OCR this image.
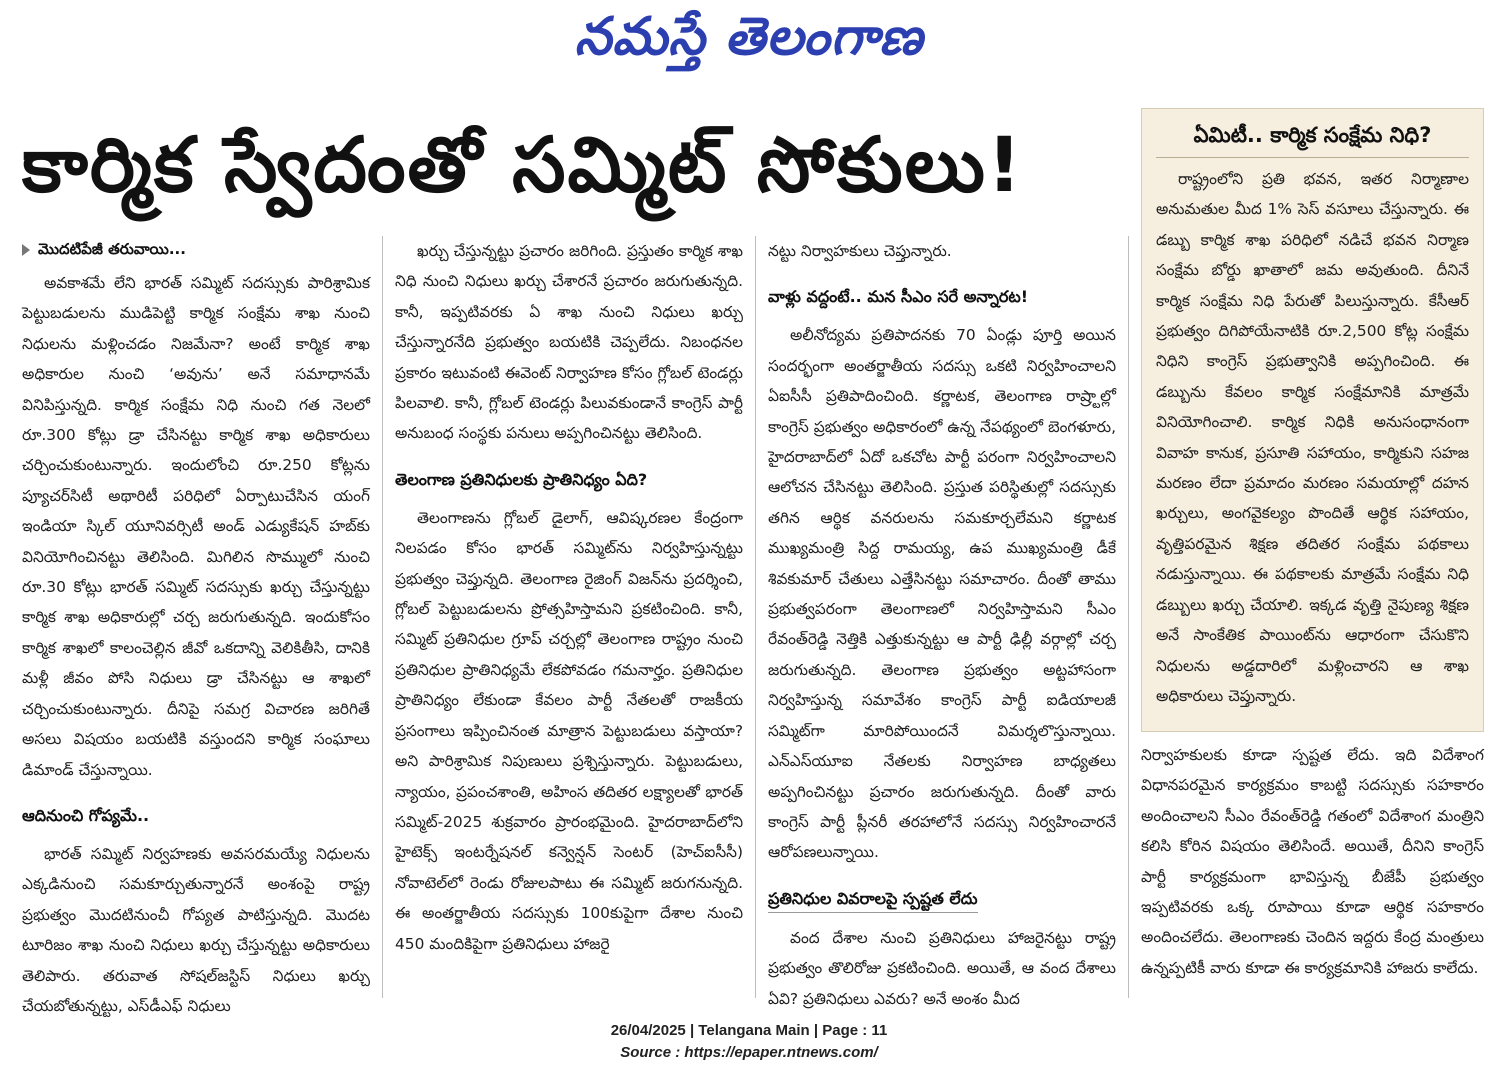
నమస్తే తెలంగాణ
కార్మిక స్వేదంతో సమ్మిట్ సోకులు!
మొదటిపేజీ తరువాయి...

అవకాశమే లేని భారత్ సమ్మిట్ సదస్సుకు పారిశ్రామిక పెట్టుబడులను ముడిపెట్టి కార్మిక సంక్షేమ శాఖ నుంచి నిధులను మళ్లించడం నిజమేనా? అంటే కార్మిక శాఖ అధికారుల నుంచి ‘అవును’ అనే సమాధానమే వినిపిస్తున్నది. కార్మిక సంక్షేమ నిధి నుంచి గత నెలలో రూ.300 కోట్లు డ్రా చేసినట్టు కార్మిక శాఖ అధికారులు చర్చించుకుంటున్నారు. ఇందులోంచి రూ.250 కోట్లను ప్యూచర్‌సిటీ అథారిటీ పరిధిలో ఏర్పాటుచేసిన యంగ్ ఇండియా స్కిల్ యూనివర్సిటీ అండ్ ఎడ్యుకేషన్ హబ్‌కు వినియోగించినట్టు తెలిసింది. మిగిలిన సొమ్ములో నుంచి రూ.30 కోట్లు భారత్ సమ్మిట్ సదస్సుకు ఖర్చు చేస్తున్నట్టు కార్మిక శాఖ అధికారుల్లో చర్చ జరుగుతున్నది. ఇందుకోసం కార్మిక శాఖలో కాలంచెల్లిన జీవో ఒకదాన్ని వెలికితీసి, దానికి మళ్లీ జీవం పోసి నిధులు డ్రా చేసినట్టు ఆ శాఖలో చర్చించుకుంటున్నారు. దీనిపై సమగ్ర విచారణ జరిగితే అసలు విషయం బయటికి వస్తుందని కార్మిక సంఘాలు డిమాండ్ చేస్తున్నాయి.

ఆదినుంచి గోప్యమే..

భారత్ సమ్మిట్ నిర్వహణకు అవసరమయ్యే నిధులను ఎక్కడినుంచి సమకూర్చుతున్నారనే అంశంపై రాష్ట్ర ప్రభుత్వం మొదటినుంచీ గోప్యత పాటిస్తున్నది. మొదట టూరిజం శాఖ నుంచి నిధులు ఖర్చు చేస్తున్నట్టు అధికారులు తెలిపారు. తరువాత సోషల్‌జస్టిస్ నిధులు ఖర్చు చేయబోతున్నట్టు, ఎస్‌డీఎఫ్ నిధులు

ఖర్చు చేస్తున్నట్టు ప్రచారం జరిగింది. ప్రస్తుతం కార్మిక శాఖ నిధి నుంచి నిధులు ఖర్చు చేశారనే ప్రచారం జరుగుతున్నది. కానీ, ఇప్పటివరకు ఏ శాఖ నుంచి నిధులు ఖర్చు చేస్తున్నారనేది ప్రభుత్వం బయటికి చెప్పలేదు. నిబంధనల ప్రకారం ఇటువంటి ఈవెంట్ నిర్వాహణ కోసం గ్లోబల్ టెండర్లు పిలవాలి. కానీ, గ్లోబల్ టెండర్లు పిలువకుండానే కాంగ్రెస్ పార్టీ అనుబంధ సంస్థకు పనులు అప్పగించినట్టు తెలిసింది.

తెలంగాణ ప్రతినిధులకు ప్రాతినిధ్యం ఏది?

తెలంగాణను గ్లోబల్ డైలాగ్, ఆవిష్కరణల కేంద్రంగా నిలపడం కోసం భారత్ సమ్మిట్‌ను నిర్వహిస్తున్నట్టు ప్రభుత్వం చెప్తున్నది. తెలంగాణ రైజింగ్ విజన్‌ను ప్రదర్శించి, గ్లోబల్ పెట్టుబడులను ప్రోత్సహిస్తామని ప్రకటించింది. కానీ, సమ్మిట్ ప్రతినిధుల గ్రూప్ చర్చల్లో తెలంగాణ రాష్ట్రం నుంచి ప్రతినిధుల ప్రాతినిధ్యమే లేకపోవడం గమనార్హం. ప్రతినిధుల ప్రాతినిధ్యం లేకుండా కేవలం పార్టీ నేతలతో రాజకీయ ప్రసంగాలు ఇప్పించినంత మాత్రాన పెట్టుబడులు వస్తాయా? అని పారిశ్రామిక నిపుణులు ప్రశ్నిస్తున్నారు. పెట్టుబడులు, న్యాయం, ప్రపంచశాంతి, అహింస తదితర లక్ష్యాలతో భారత్ సమ్మిట్-2025 శుక్రవారం ప్రారంభమైంది. హైదరాబాద్‌లోని హైటెక్స్ ఇంటర్నేషనల్ కన్వెన్షన్ సెంటర్ (హెచ్‌ఐసీసీ) నోవాటెల్‌లో రెండు రోజులపాటు ఈ సమ్మిట్ జరుగనున్నది. ఈ అంతర్జాతీయ సదస్సుకు 100కుపైగా దేశాల నుంచి 450 మందికిపైగా ప్రతినిధులు హాజరై

నట్టు నిర్వాహకులు చెప్తున్నారు.

వాళ్లు వద్దంటే.. మన సీఎం సరే అన్నారట!

అలీనోద్యమ ప్రతిపాదనకు 70 ఏండ్లు పూర్తి అయిన సందర్భంగా అంతర్జాతీయ సదస్సు ఒకటి నిర్వహించాలని ఏఐసీసీ ప్రతిపాదించింది. కర్ణాటక, తెలంగాణ రాష్ర్టాల్లో కాంగ్రెస్ ప్రభుత్వం అధికారంలో ఉన్న నేపథ్యంలో బెంగళూరు, హైదరాబాద్‌లో ఏదో ఒకచోట పార్టీ పరంగా నిర్వహించాలని ఆలోచన చేసినట్టు తెలిసింది. ప్రస్తుత పరిస్థితుల్లో సదస్సుకు తగిన ఆర్థిక వనరులను సమకూర్చలేమని కర్ణాటక ముఖ్యమంత్రి సిద్ద రామయ్య, ఉప ముఖ్యమంత్రి డీకే శివకుమార్ చేతులు ఎత్తేసినట్టు సమాచారం. దీంతో తాము ప్రభుత్వపరంగా తెలంగాణలో నిర్వహిస్తామని సీఎం రేవంత్‌రెడ్డి నెత్తికి ఎత్తుకున్నట్టు ఆ పార్టీ ఢిల్లీ వర్గాల్లో చర్చ జరుగుతున్నది. తెలంగాణ ప్రభుత్వం అట్టహాసంగా నిర్వహిస్తున్న సమావేశం కాంగ్రెస్ పార్టీ ఐడియాలజీ సమ్మిట్‌గా మారిపోయిందనే విమర్శలొస్తున్నాయి. ఎన్‌ఎస్‌యూఐ నేతలకు నిర్వాహణ బాధ్యతలు అప్పగించినట్టు ప్రచారం జరుగుతున్నది. దీంతో వారు కాంగ్రెస్ పార్టీ ప్లీనరీ తరహాలోనే సదస్సు నిర్వహించారనే ఆరోపణలున్నాయి.

ప్రతినిధుల వివరాలపై స్పష్టత లేదు

వంద దేశాల నుంచి ప్రతినిధులు హాజరైనట్టు రాష్ట్ర ప్రభుత్వం తొలిరోజు ప్రకటించింది. అయితే, ఆ వంద దేశాలు ఏవి? ప్రతినిధులు ఎవరు? అనే అంశం మీద

ఏమిటీ.. కార్మిక సంక్షేమ నిధి?

రాష్ట్రంలోని ప్రతి భవన, ఇతర నిర్మాణాల అనుమతుల మీద 1% సెస్ వసూలు చేస్తున్నారు. ఈ డబ్బు కార్మిక శాఖ పరిధిలో నడిచే భవన నిర్మాణ సంక్షేమ బోర్డు ఖాతాలో జమ అవుతుంది. దీనినే కార్మిక సంక్షేమ నిధి పేరుతో పిలుస్తున్నారు. కేసీఆర్ ప్రభుత్వం దిగిపోయేనాటికి రూ.2,500 కోట్ల సంక్షేమ నిధిని కాంగ్రెస్ ప్రభుత్వానికి అప్పగించింది. ఈ డబ్బును కేవలం కార్మిక సంక్షేమానికి మాత్రమే వినియోగించాలి. కార్మిక నిధికి అనుసంధానంగా వివాహ కానుక, ప్రసూతి సహాయం, కార్మికుని సహజ మరణం లేదా ప్రమాదం మరణం సమయాల్లో దహన ఖర్చులు, అంగవైకల్యం పొందితే ఆర్థిక సహాయం, వృత్తిపరమైన శిక్షణ తదితర సంక్షేమ పథకాలు నడుస్తున్నాయి. ఈ పథకాలకు మాత్రమే సంక్షేమ నిధి డబ్బులు ఖర్చు చేయాలి. ఇక్కడ వృత్తి నైపుణ్య శిక్షణ అనే సాంకేతిక పాయింట్‌ను ఆధారంగా చేసుకొని నిధులను అడ్డదారిలో మళ్లించారని ఆ శాఖ అధికారులు చెప్తున్నారు.

నిర్వాహకులకు కూడా స్పష్టత లేదు. ఇది విదేశాంగ విధానపరమైన కార్యక్రమం కాబట్టి సదస్సుకు సహకారం అందించాలని సీఎం రేవంత్‌రెడ్డి గతంలో విదేశాంగ మంత్రిని కలిసి కోరిన విషయం తెలిసిందే. అయితే, దీనిని కాంగ్రెస్ పార్టీ కార్యక్రమంగా భావిస్తున్న బీజేపీ ప్రభుత్వం ఇప్పటివరకు ఒక్క రూపాయి కూడా ఆర్థిక సహకారం అందించలేదు. తెలంగాణకు చెందిన ఇద్దరు కేంద్ర మంత్రులు ఉన్నప్పటికీ వారు కూడా ఈ కార్యక్రమానికి హాజరు కాలేదు.

26/04/2025 | Telangana Main | Page : 11
Source : https://epaper.ntnews.com/
